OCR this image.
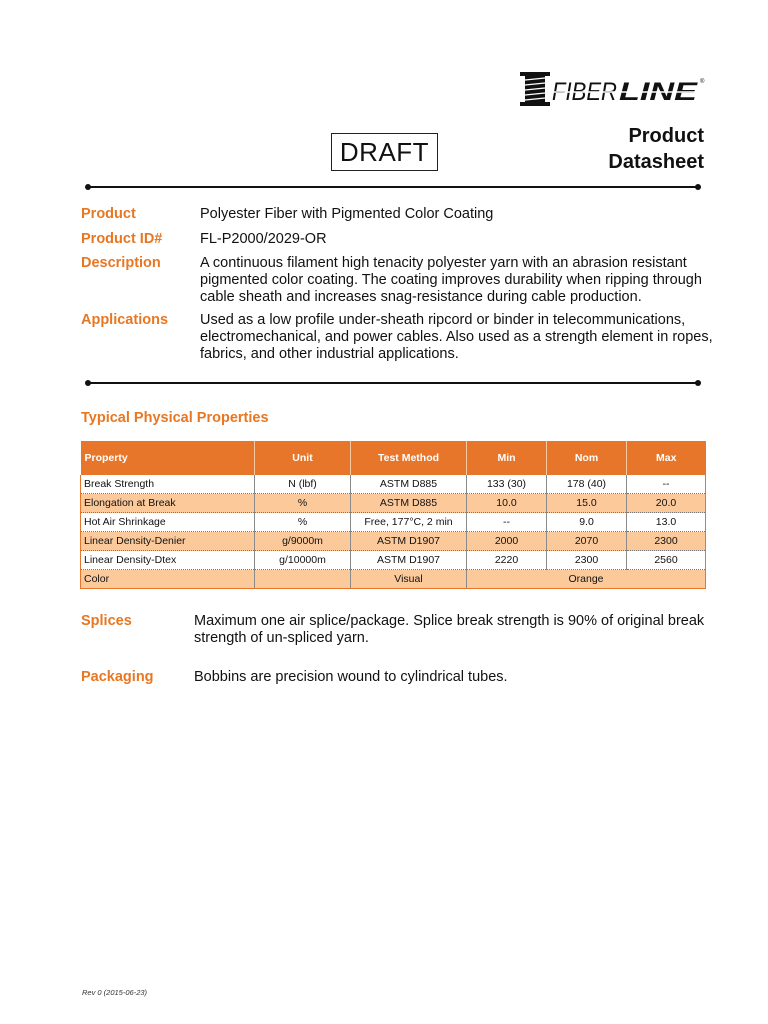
FIBER LINE ®
DRAFT
Product
Datasheet
Product	Polyester Fiber with Pigmented Color Coating
Product ID#	FL-P2000/2029-OR
Description	A continuous filament high tenacity polyester yarn with an abrasion resistant
pigmented color coating. The coating improves durability when ripping through
cable sheath and increases snag-resistance during cable production.
Applications Used as a low profile under-sheath ripcord or binder in telecommunications,
electromechanical, and power cables. Also used as a strength element in ropes,
fabrics, and other industrial applications.
Typical Physical Properties
Property	Unit	Test Method	Min	Nom	Max
Break Strength	N (lbf)	ASTM D885	133 (30)	178 (40)	--
Elongation at Break	%	ASTM D885	10.0	15.0	20.0
Hot Air Shrinkage	%	Free, 177°C, 2 min	--	9.0	13.0
Linear Density-Denier	g/9000m	ASTM D1907	2000	2070	2300
Linear Density-Dtex	g/10000m	ASTM D1907	2220	2300	2560
Color		Visual	Orange		
Splices	Maximum one air splice/package. Splice break strength is 90% of original break
strength of un-spliced yarn.
Packaging	Bobbins are precision wound to cylindrical tubes.
Rev 0 (2015-06-23)
